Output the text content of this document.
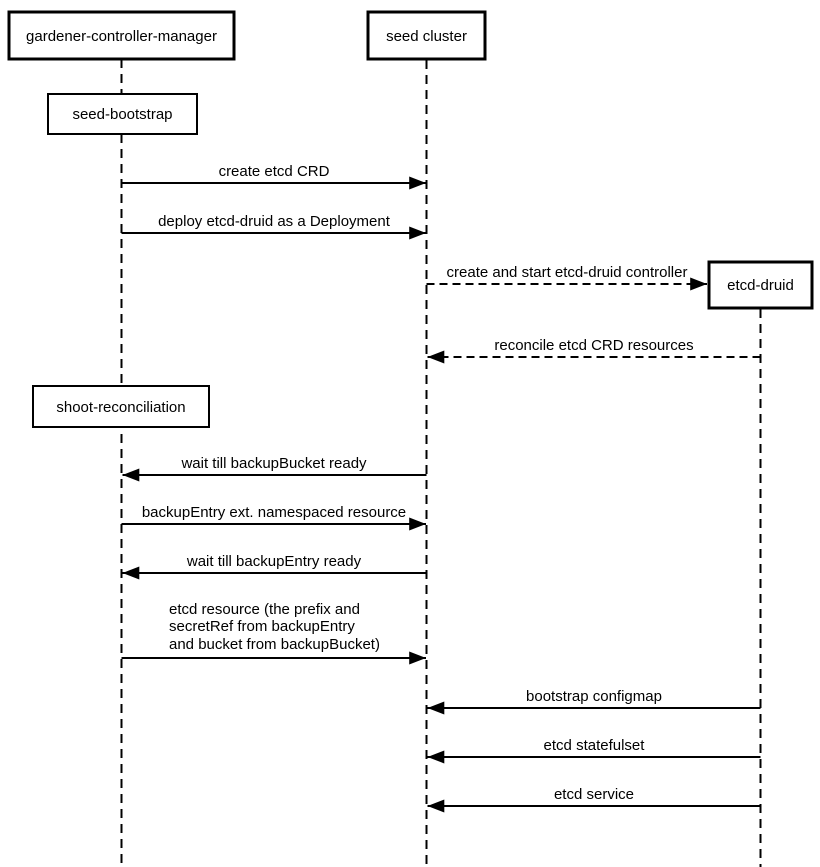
gardener-controller-manager	seed cluster
etcd-druid
seed-bootstrap
shoot-reconciliation
create etcd CRD
deploy etcd-druid as a Deployment
create and start etcd-druid controller
reconcile etcd CRD resources
wait till backupBucket ready
backupEntry ext. namespaced resource
wait till backupEntry ready
etcd resource (the prefix and
secretRef from backupEntry
and bucket from backupBucket)
bootstrap configmap
etcd statefulset
etcd service
